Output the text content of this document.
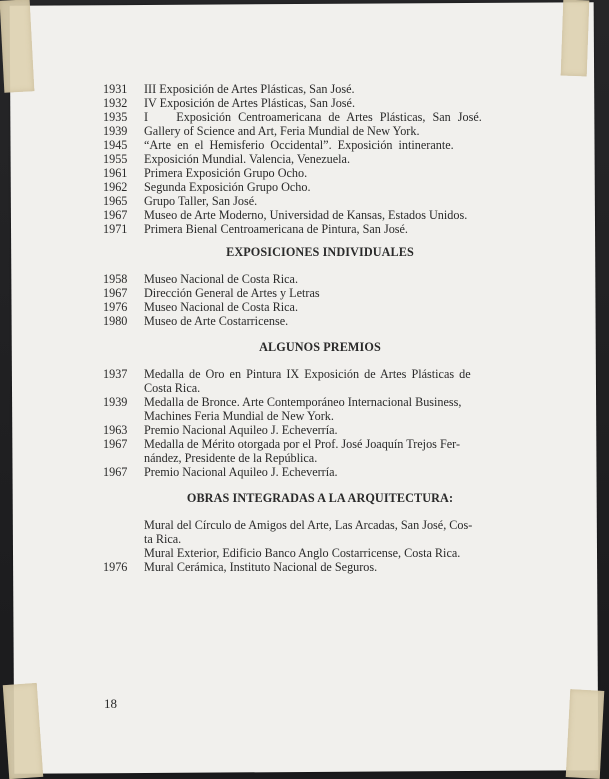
1931	III Exposición de Artes Plásticas, San José.
1932	IV Exposición de Artes Plásticas, San José.
1935	I    Exposición Centroamericana de Artes Plásticas, San José.
1939	Gallery of Science and Art, Feria Mundial de New York.
1945	“Arte en el Hemisferio Occidental”. Exposición intinerante.
1955	Exposición Mundial. Valencia, Venezuela.
1961	Primera Exposición Grupo Ocho.
1962	Segunda Exposición Grupo Ocho.
1965	Grupo Taller, San José.
1967	Museo de Arte Moderno, Universidad de Kansas, Estados Unidos.
1971	Primera Bienal Centroamericana de Pintura, San José.
EXPOSICIONES INDIVIDUALES
1958	Museo Nacional de Costa Rica.
1967	Dirección General de Artes y Letras
1976	Museo Nacional de Costa Rica.
1980	Museo de Arte Costarricense.
ALGUNOS PREMIOS
1937	Medalla de Oro en Pintura IX Exposición de Artes Plásticas de
Costa Rica.
1939	Medalla de Bronce. Arte Contemporáneo Internacional Business,
Machines Feria Mundial de New York.
1963	Premio Nacional Aquileo J. Echeverría.
1967	Medalla de Mérito otorgada por el Prof. José Joaquín Trejos Fer-
nández, Presidente de la República.
1967	Premio Nacional Aquileo J. Echeverría.
OBRAS INTEGRADAS A LA ARQUITECTURA:
Mural del Círculo de Amigos del Arte, Las Arcadas, San José, Cos-
ta Rica.
Mural Exterior, Edificio Banco Anglo Costarricense, Costa Rica.
1976	Mural Cerámica, Instituto Nacional de Seguros.
18
